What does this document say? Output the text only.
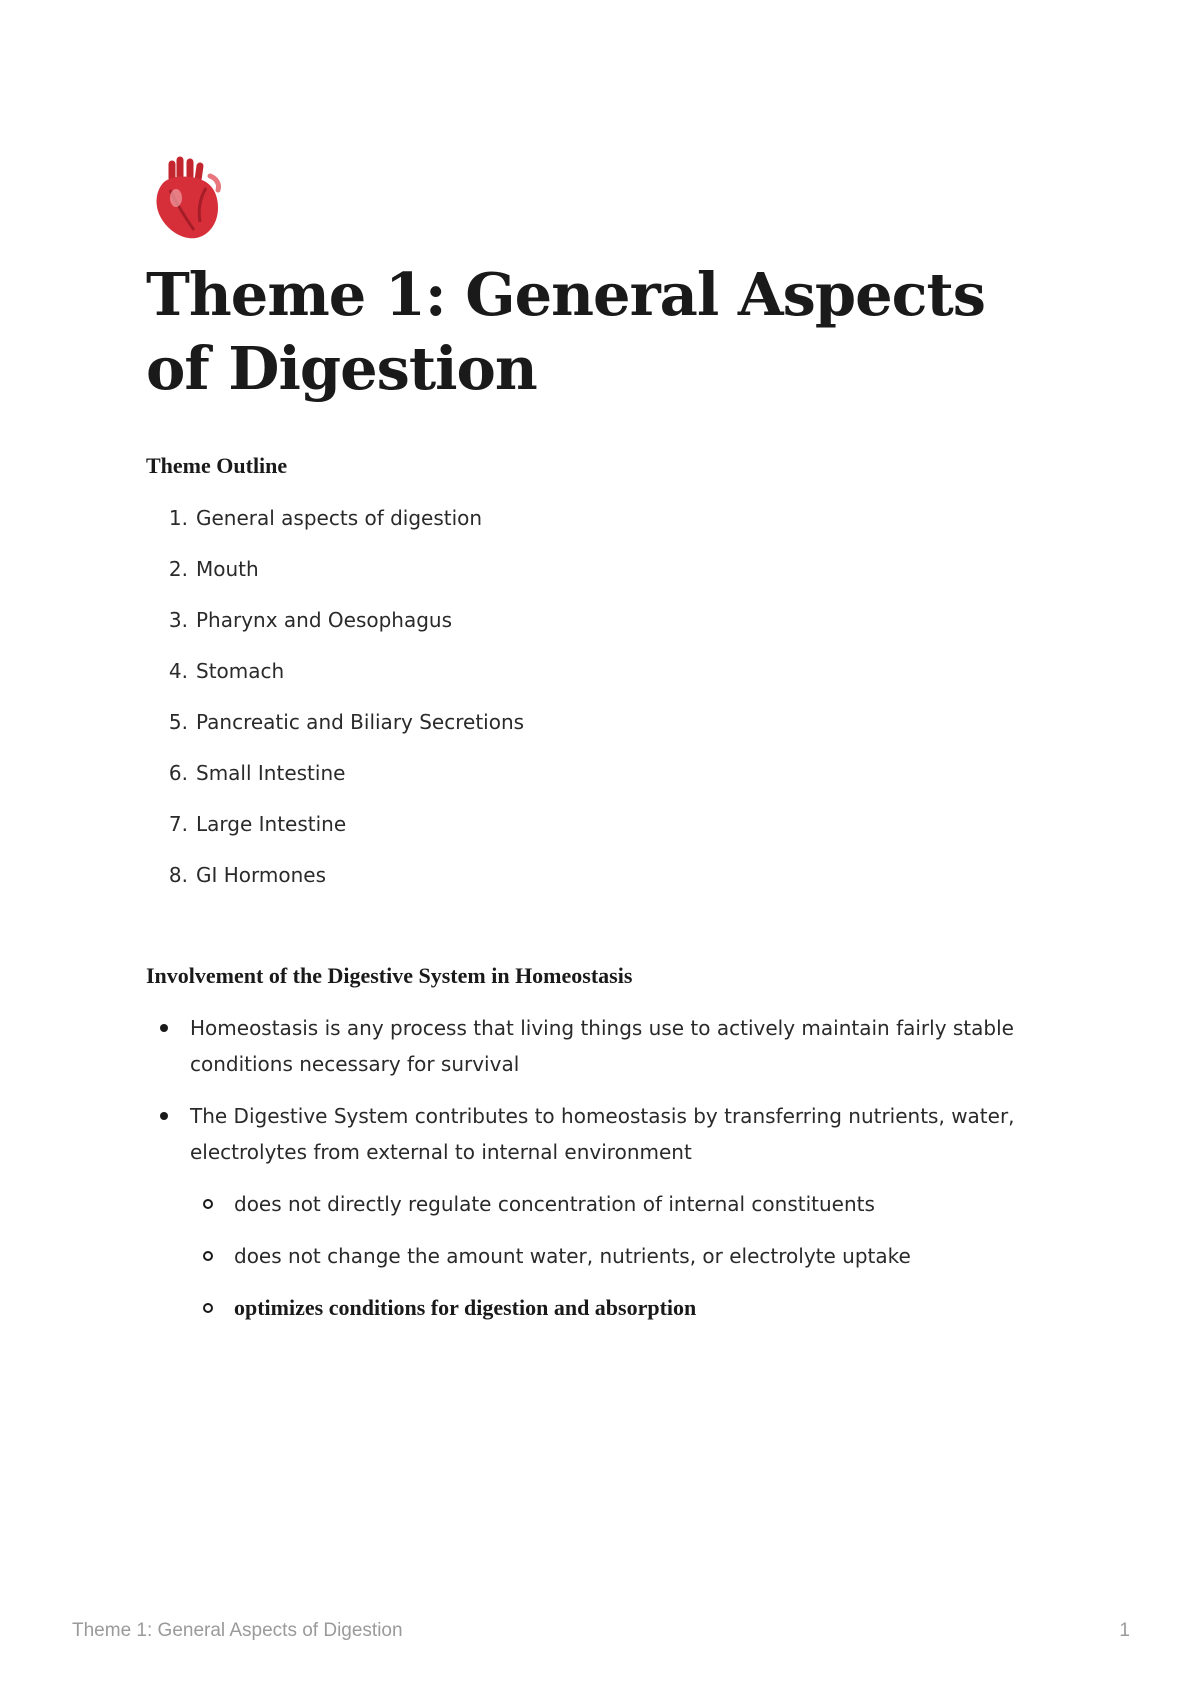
Theme 1: General Aspects of Digestion
Theme Outline
1. General aspects of digestion
2. Mouth
3. Pharynx and Oesophagus
4. Stomach
5. Pancreatic and Biliary Secretions
6. Small Intestine
7. Large Intestine
8. GI Hormones
Involvement of the Digestive System in Homeostasis
Homeostasis is any process that living things use to actively maintain fairly stable conditions necessary for survival
The Digestive System contributes to homeostasis by transferring nutrients, water, electrolytes from external to internal environment
does not directly regulate concentration of internal constituents
does not change the amount water, nutrients, or electrolyte uptake
optimizes conditions for digestion and absorption
Theme 1: General Aspects of Digestion	1
